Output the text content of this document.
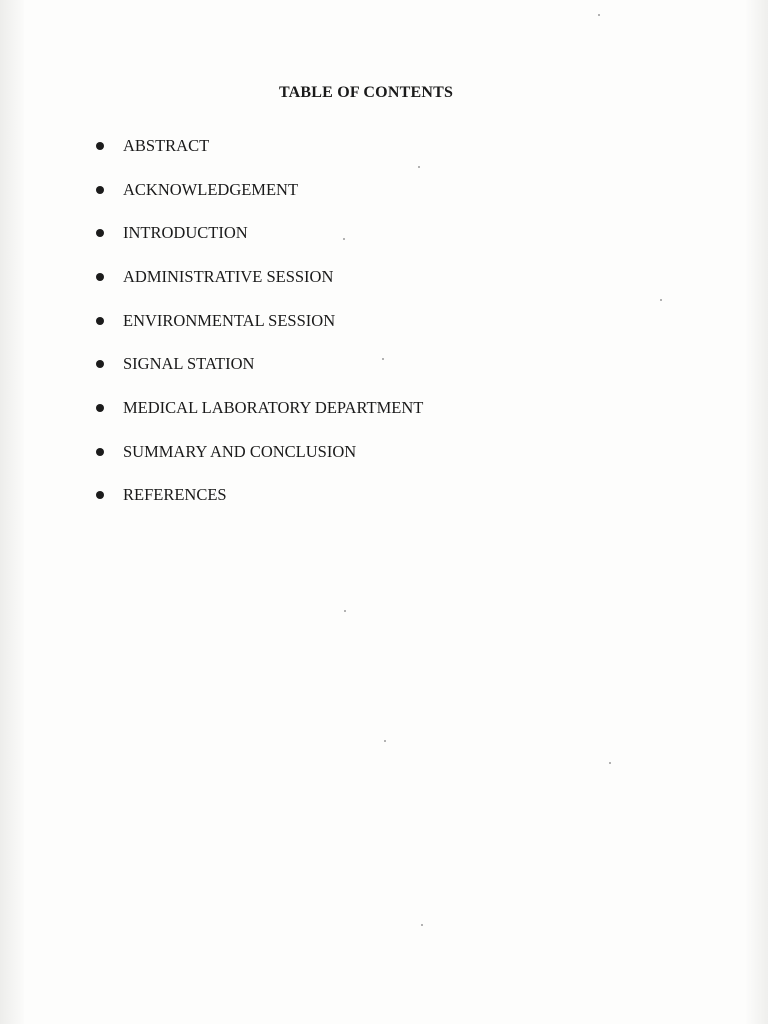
TABLE OF CONTENTS
ABSTRACT
ACKNOWLEDGEMENT
INTRODUCTION
ADMINISTRATIVE SESSION
ENVIRONMENTAL SESSION
SIGNAL STATION
MEDICAL LABORATORY DEPARTMENT
SUMMARY AND CONCLUSION
REFERENCES
